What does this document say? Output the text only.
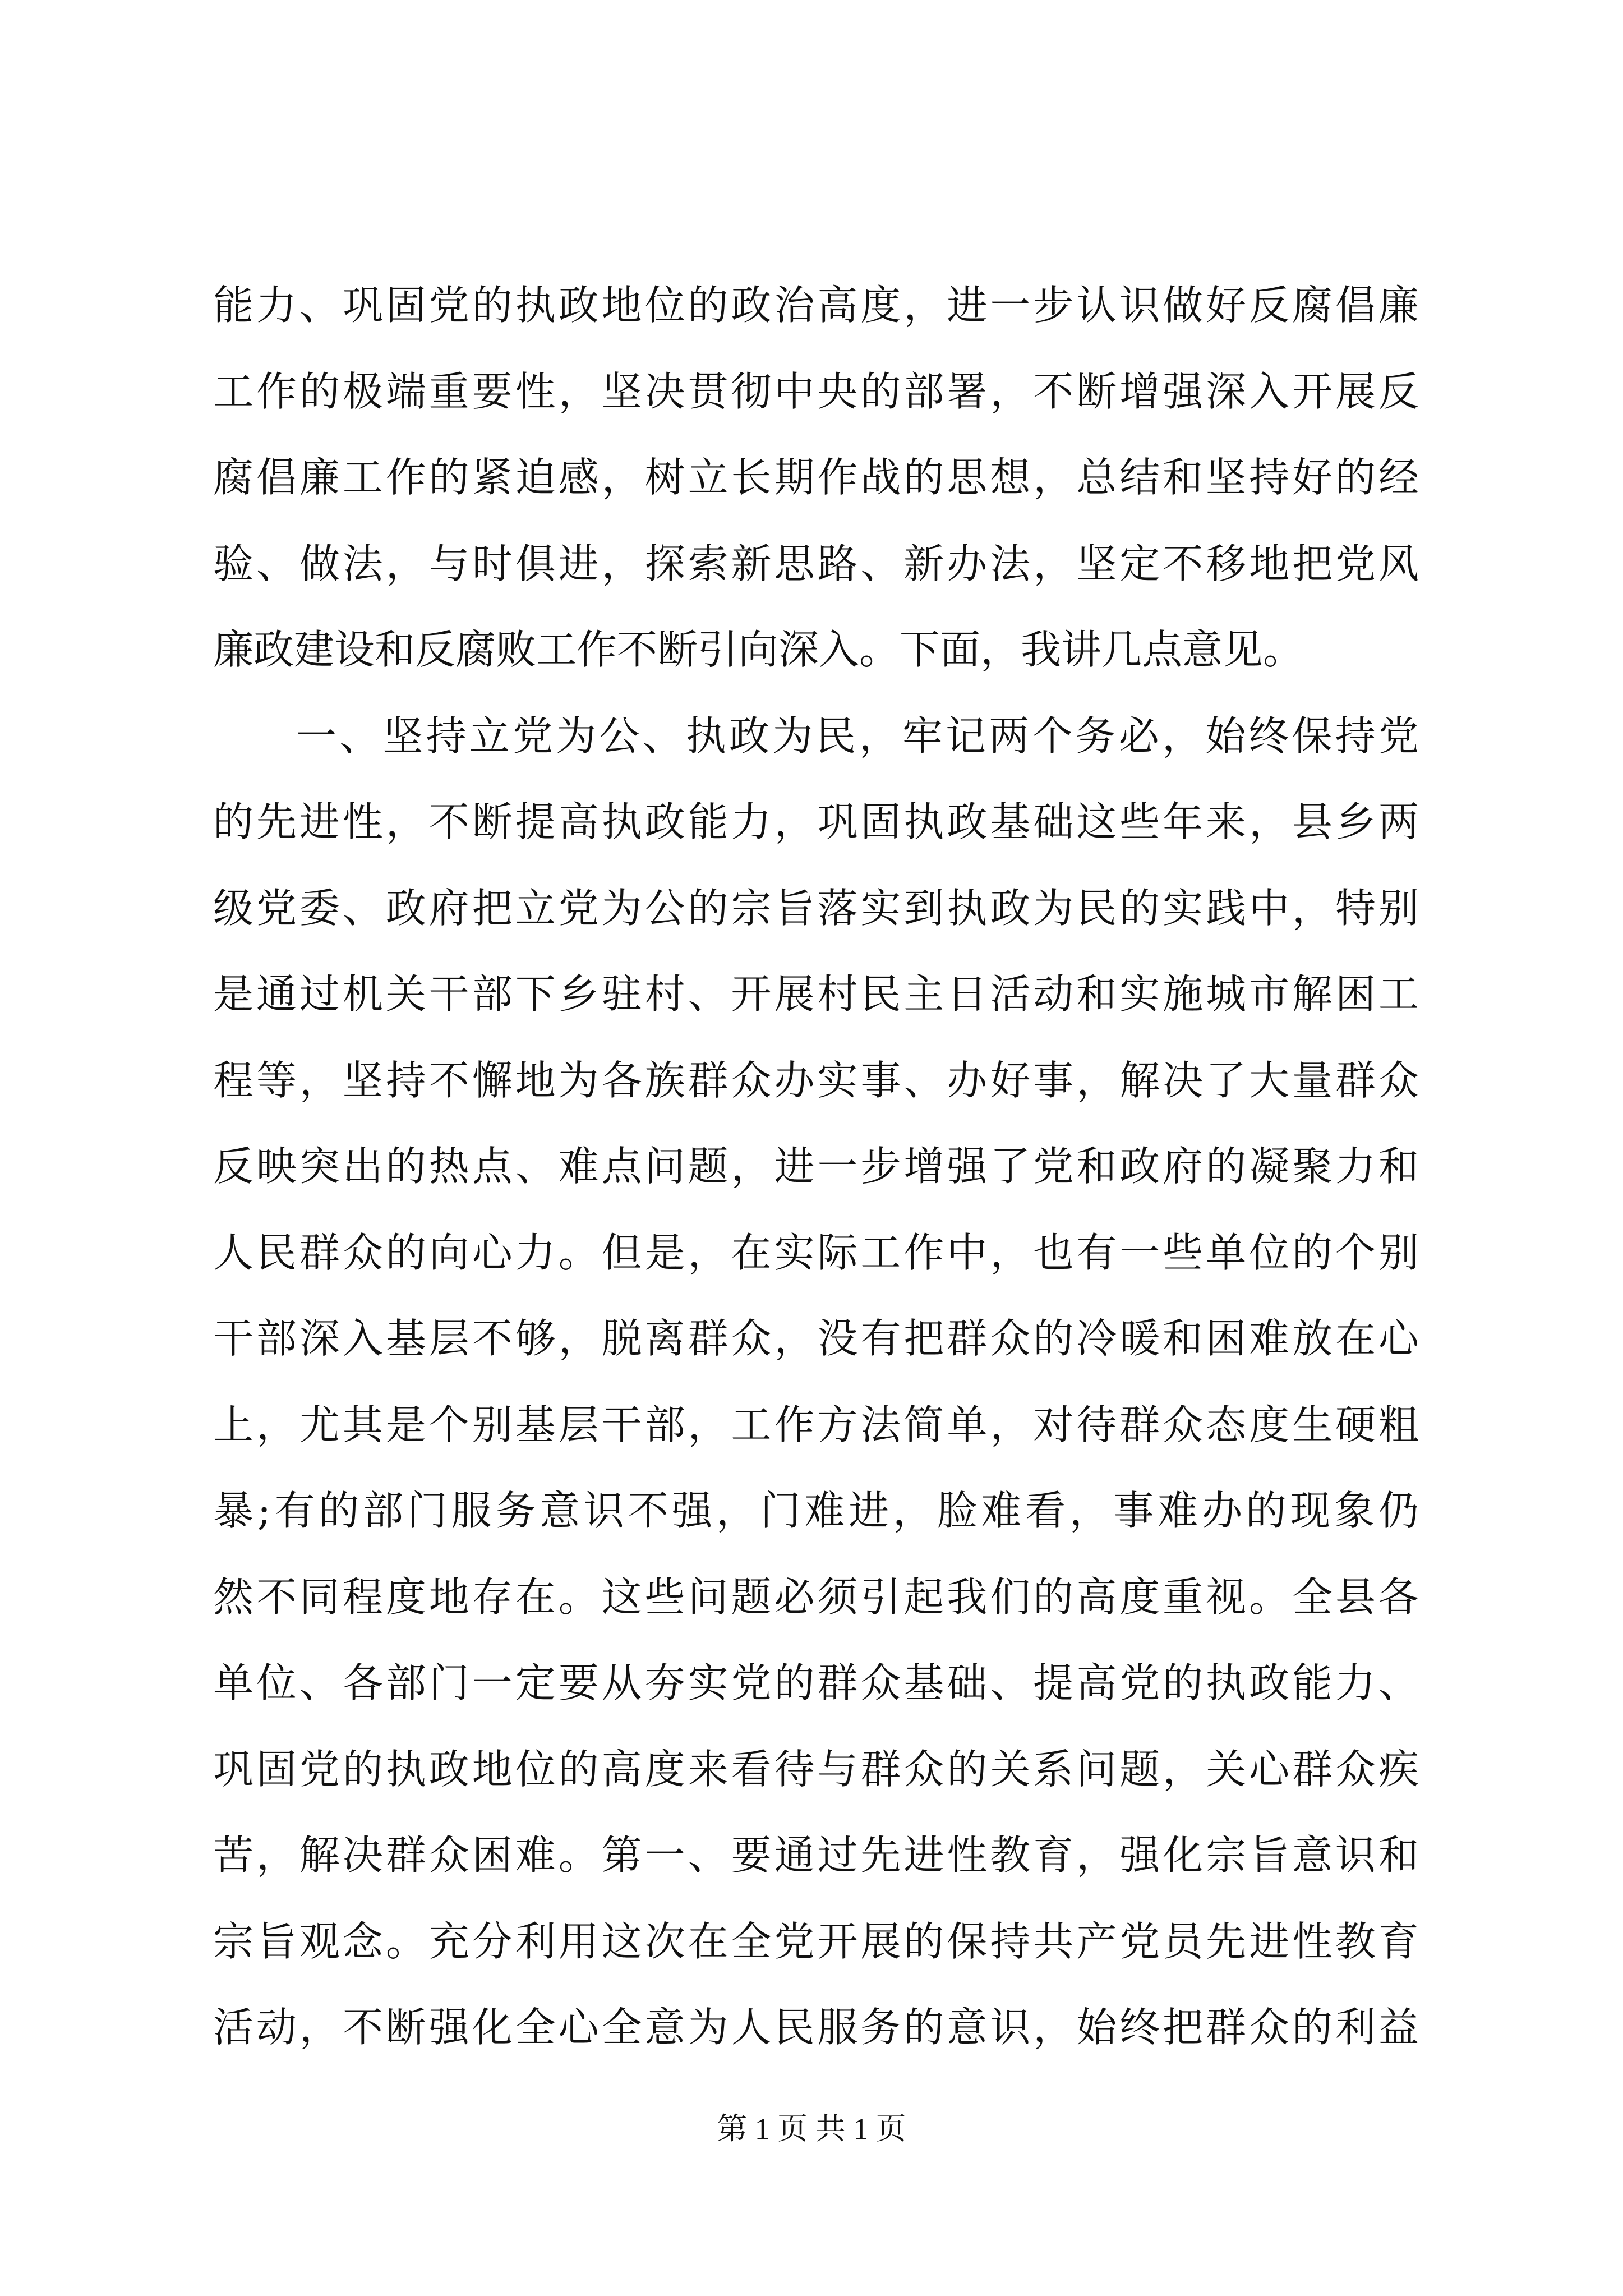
能力、巩固党的执政地位的政治高度，进一步认识做好反腐倡廉
工作的极端重要性，坚决贯彻中央的部署，不断增强深入开展反
腐倡廉工作的紧迫感，树立长期作战的思想，总结和坚持好的经
验、做法，与时俱进，探索新思路、新办法，坚定不移地把党风
廉政建设和反腐败工作不断引向深入。下面，我讲几点意见。
一、坚持立党为公、执政为民，牢记两个务必，始终保持党
的先进性，不断提高执政能力，巩固执政基础这些年来，县乡两
级党委、政府把立党为公的宗旨落实到执政为民的实践中，特别
是通过机关干部下乡驻村、开展村民主日活动和实施城市解困工
程等，坚持不懈地为各族群众办实事、办好事，解决了大量群众
反映突出的热点、难点问题，进一步增强了党和政府的凝聚力和
人民群众的向心力。但是，在实际工作中，也有一些单位的个别
干部深入基层不够，脱离群众，没有把群众的冷暖和困难放在心
上，尤其是个别基层干部，工作方法简单，对待群众态度生硬粗
暴;有的部门服务意识不强，门难进，脸难看，事难办的现象仍
然不同程度地存在。这些问题必须引起我们的高度重视。全县各
单位、各部门一定要从夯实党的群众基础、提高党的执政能力、
巩固党的执政地位的高度来看待与群众的关系问题，关心群众疾
苦，解决群众困难。第一、要通过先进性教育，强化宗旨意识和
宗旨观念。充分利用这次在全党开展的保持共产党员先进性教育
活动，不断强化全心全意为人民服务的意识，始终把群众的利益
第 1 页 共 1 页
